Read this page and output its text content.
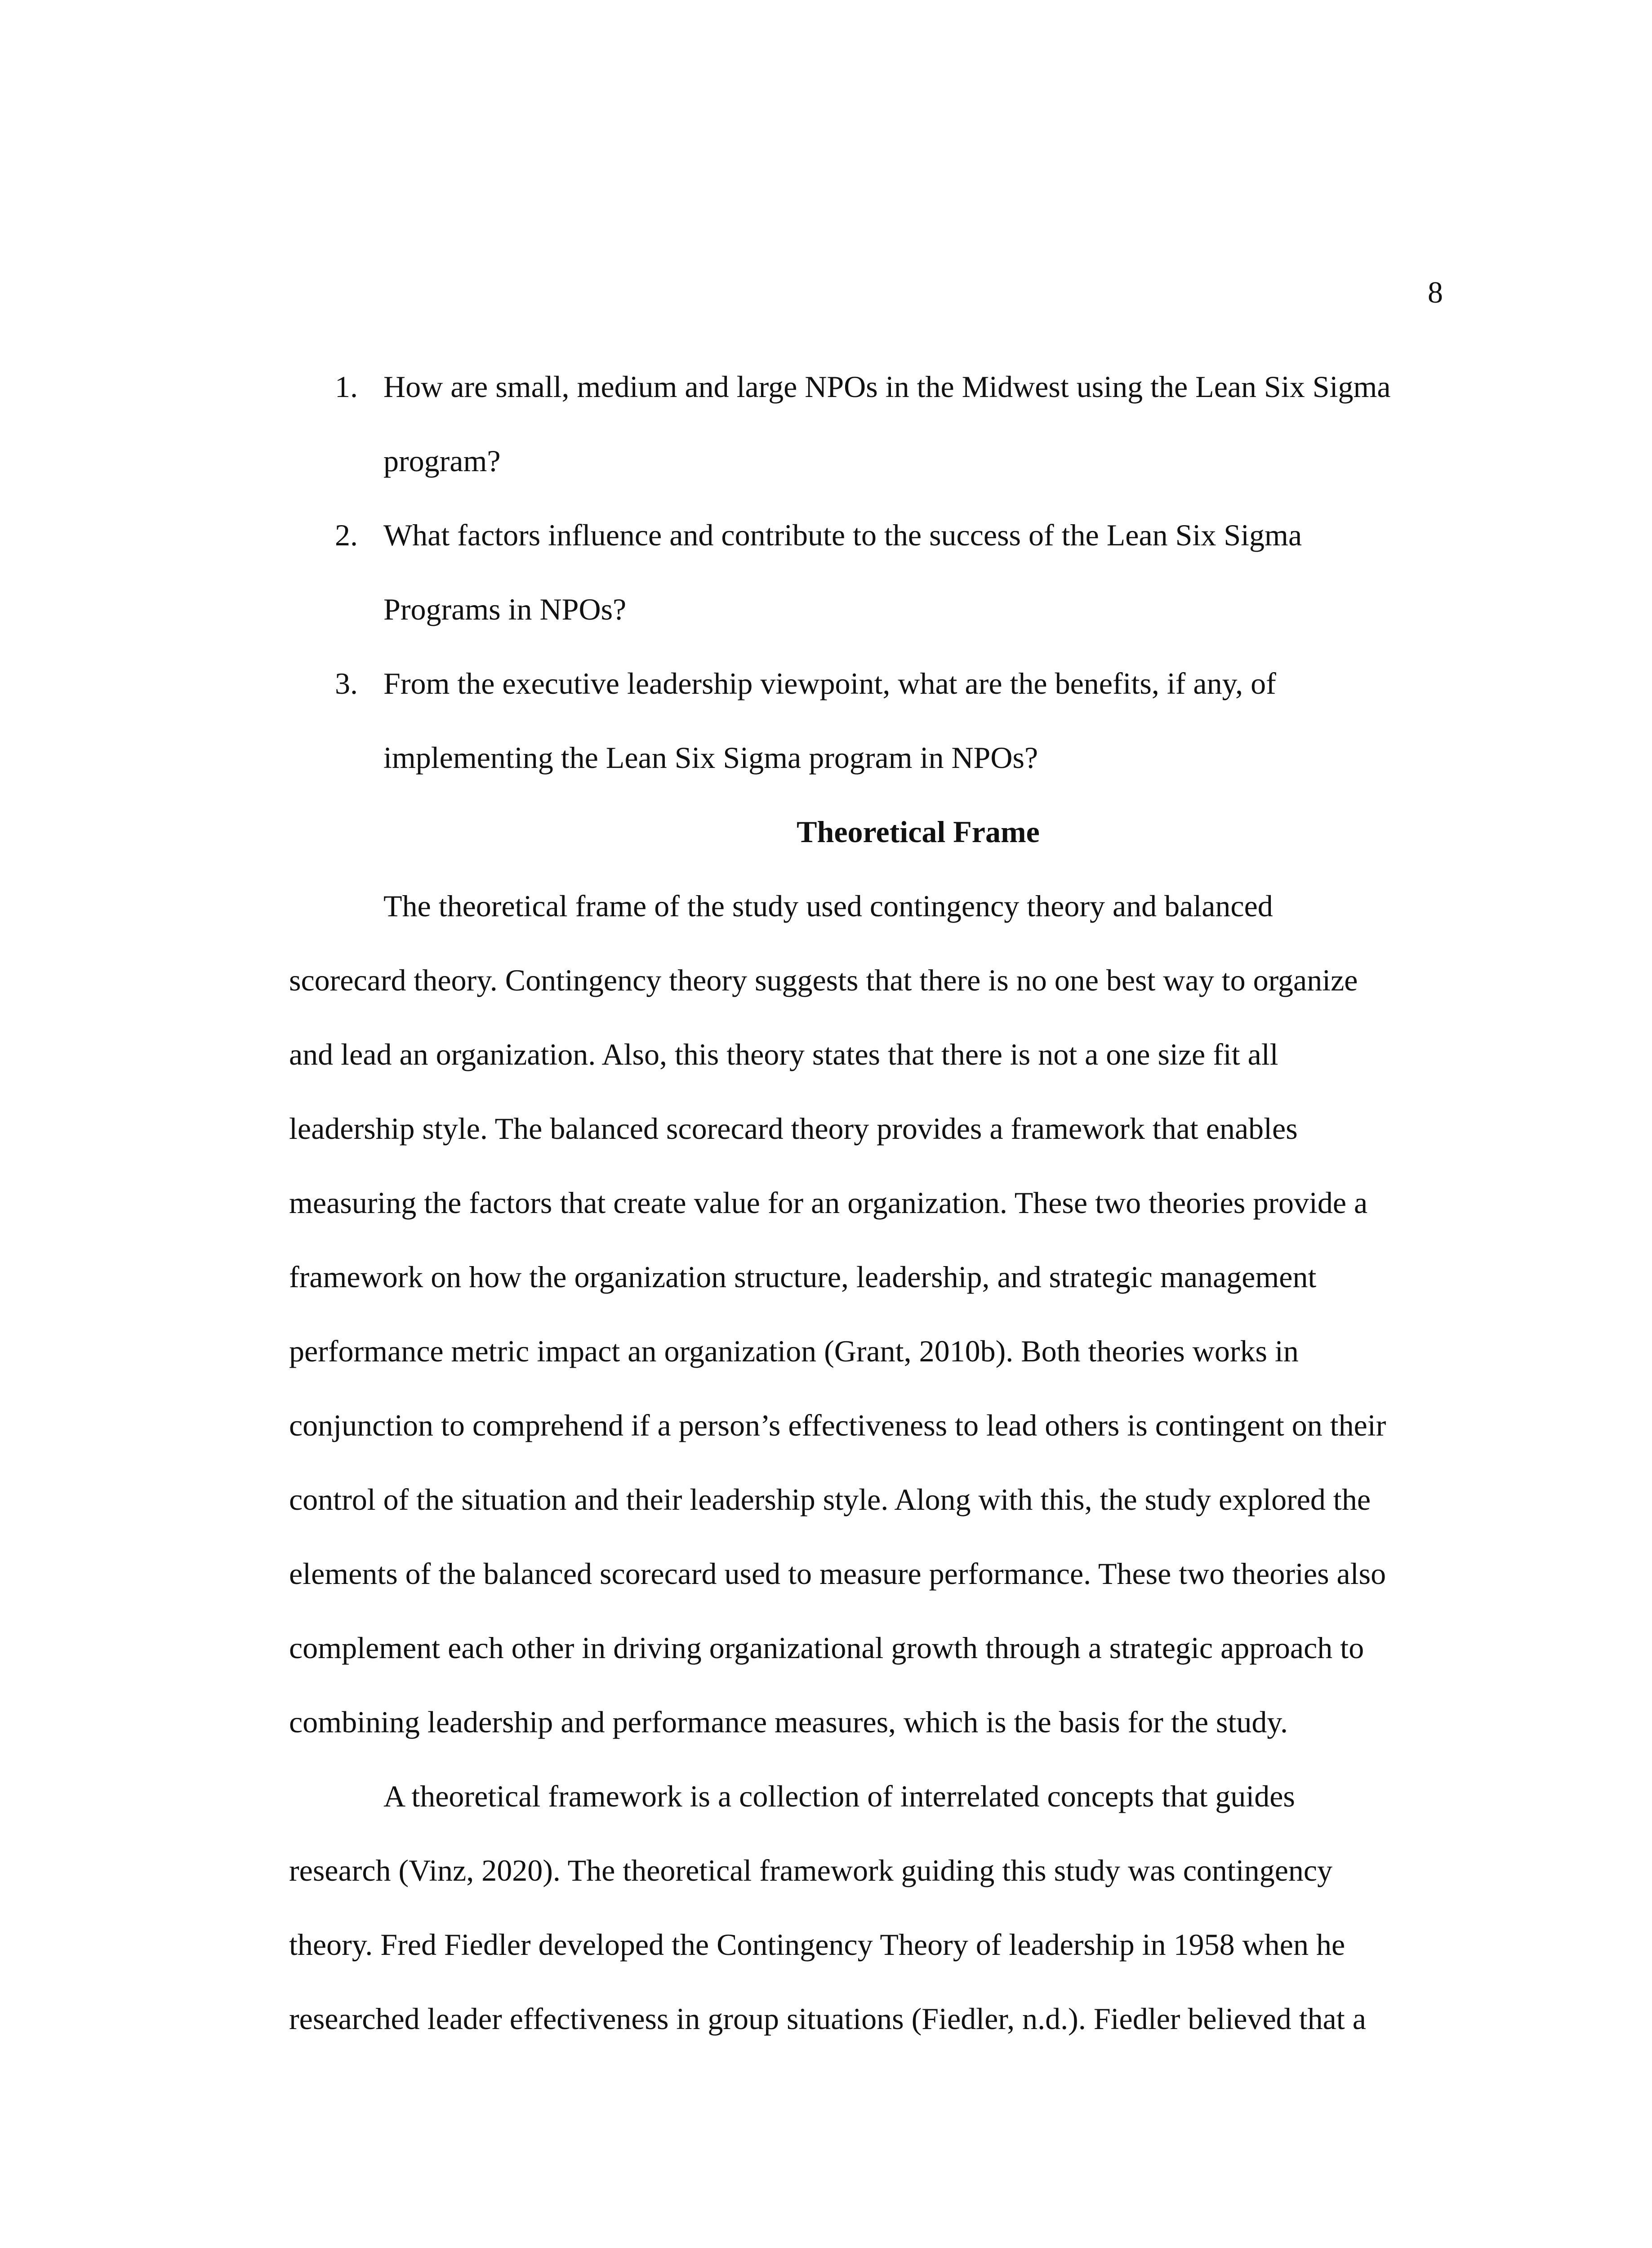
8
1. How are small, medium and large NPOs in the Midwest using the Lean Six Sigma
program?
2. What factors influence and contribute to the success of the Lean Six Sigma
Programs in NPOs?
3. From the executive leadership viewpoint, what are the benefits, if any, of
implementing the Lean Six Sigma program in NPOs?
Theoretical Frame
The theoretical frame of the study used contingency theory and balanced
scorecard theory. Contingency theory suggests that there is no one best way to organize
and lead an organization. Also, this theory states that there is not a one size fit all
leadership style. The balanced scorecard theory provides a framework that enables
measuring the factors that create value for an organization. These two theories provide a
framework on how the organization structure, leadership, and strategic management
performance metric impact an organization (Grant, 2010b). Both theories works in
conjunction to comprehend if a person’s effectiveness to lead others is contingent on their
control of the situation and their leadership style. Along with this, the study explored the
elements of the balanced scorecard used to measure performance. These two theories also
complement each other in driving organizational growth through a strategic approach to
combining leadership and performance measures, which is the basis for the study.
A theoretical framework is a collection of interrelated concepts that guides
research (Vinz, 2020). The theoretical framework guiding this study was contingency
theory. Fred Fiedler developed the Contingency Theory of leadership in 1958 when he
researched leader effectiveness in group situations (Fiedler, n.d.). Fiedler believed that a
